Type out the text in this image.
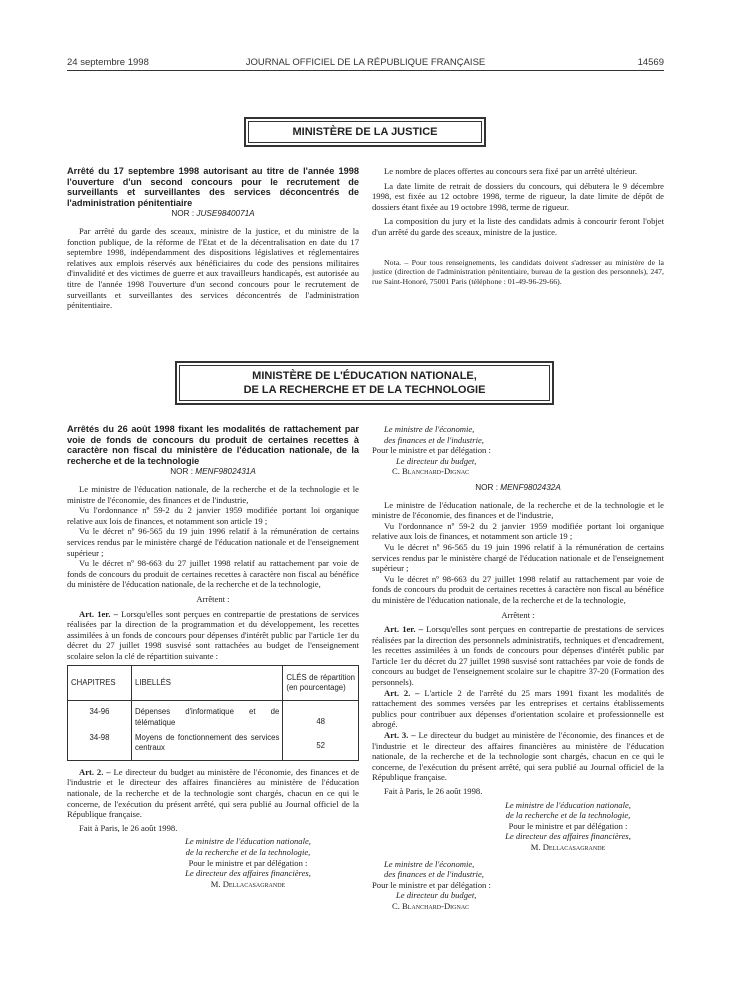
24 septembre 1998	JOURNAL OFFICIEL DE LA RÉPUBLIQUE FRANÇAISE	14569
MINISTÈRE DE LA JUSTICE
Arrêté du 17 septembre 1998 autorisant au titre de l'année 1998 l'ouverture d'un second concours pour le recrutement de surveillants et surveillantes des services déconcentrés de l'administration pénitentiaire
NOR : JUSE9840071A

Par arrêté du garde des sceaux, ministre de la justice, et du ministre de la fonction publique, de la réforme de l'Etat et de la décentralisation en date du 17 septembre 1998, indépendamment des dispositions législatives et réglementaires relatives aux emplois réservés aux bénéficiaires du code des pensions militaires d'invalidité et des victimes de guerre et aux travailleurs handicapés, est autorisée au titre de l'année 1998 l'ouverture d'un second concours pour le recrutement de surveillants et surveillantes des services déconcentrés de l'administration pénitentiaire.

Le nombre de places offertes au concours sera fixé par un arrêté ultérieur.

La date limite de retrait de dossiers du concours, qui débutera le 9 décembre 1998, est fixée au 12 octobre 1998, terme de rigueur, la date limite de dépôt de dossiers étant fixée au 19 octobre 1998, terme de rigueur.

La composition du jury et la liste des candidats admis à concourir feront l'objet d'un arrêté du garde des sceaux, ministre de la justice.

Nota. – Pour tous renseignements, les candidats doivent s'adresser au ministère de la justice (direction de l'administration pénitentiaire, bureau de la gestion des personnels), 247, rue Saint-Honoré, 75001 Paris (téléphone : 01-49-96-29-66).

MINISTÈRE DE L'ÉDUCATION NATIONALE,
DE LA RECHERCHE ET DE LA TECHNOLOGIE
Arrêtés du 26 août 1998 fixant les modalités de rattachement par voie de fonds de concours du produit de certaines recettes à caractère non fiscal du ministère de l'éducation nationale, de la recherche et de la technologie
NOR : MENF9802431A

Le ministre de l'éducation nationale, de la recherche et de la technologie et le ministre de l'économie, des finances et de l'industrie,

Vu l'ordonnance nº 59-2 du 2 janvier 1959 modifiée portant loi organique relative aux lois de finances, et notamment son article 19 ;

Vu le décret nº 96-565 du 19 juin 1996 relatif à la rémunération de certains services rendus par le ministère chargé de l'éducation nationale et de l'enseignement supérieur ;

Vu le décret nº 98-663 du 27 juillet 1998 relatif au rattachement par voie de fonds de concours du produit de certaines recettes à caractère non fiscal au bénéfice du ministère de l'éducation nationale, de la recherche et de la technologie,

Arrêtent :

Art. 1er. – Lorsqu'elles sont perçues en contrepartie de prestations de services réalisées par la direction de la programmation et du développement, les recettes assimilées à un fonds de concours pour dépenses d'intérêt public par l'article 1er du décret du 27 juillet 1998 susvisé sont rattachées au budget de l'enseignement scolaire selon la clé de répartition suivante :

CHAPITRES	LIBELLÉS	CLÉS de répartition (en pourcentage)
34-96	Dépenses d'informatique et de télématique	48
34-98	Moyens de fonctionnement des services centraux	52

Art. 2. – Le directeur du budget au ministère de l'économie, des finances et de l'industrie et le directeur des affaires financières au ministère de l'éducation nationale, de la recherche et de la technologie sont chargés, chacun en ce qui le concerne, de l'exécution du présent arrêté, qui sera publié au Journal officiel de la République française.

Fait à Paris, le 26 août 1998.

Le ministre de l'éducation nationale,

de la recherche et de la technologie,

Pour le ministre et par délégation :

Le directeur des affaires financières,

M. Dellacasagrande

Le ministre de l'économie,

des finances et de l'industrie,

Pour le ministre et par délégation :

Le directeur du budget,

C. Blanchard-Dignac

NOR : MENF9802432A

Le ministre de l'éducation nationale, de la recherche et de la technologie et le ministre de l'économie, des finances et de l'industrie,

Vu l'ordonnance nº 59-2 du 2 janvier 1959 modifiée portant loi organique relative aux lois de finances, et notamment son article 19 ;

Vu le décret nº 96-565 du 19 juin 1996 relatif à la rémunération de certains services rendus par le ministère chargé de l'éducation nationale et de l'enseignement supérieur ;

Vu le décret nº 98-663 du 27 juillet 1998 relatif au rattachement par voie de fonds de concours du produit de certaines recettes à caractère non fiscal au bénéfice du ministère de l'éducation nationale, de la recherche et de la technologie,

Arrêtent :

Art. 1er. – Lorsqu'elles sont perçues en contrepartie de prestations de services réalisées par la direction des personnels administratifs, techniques et d'encadrement, les recettes assimilées à un fonds de concours pour dépenses d'intérêt public par l'article 1er du décret du 27 juillet 1998 susvisé sont rattachées par voie de fonds de concours au budget de l'enseignement scolaire sur le chapitre 37-20 (Formation des personnels).

Art. 2. – L'article 2 de l'arrêté du 25 mars 1991 fixant les modalités de rattachement des sommes versées par les entreprises et certains établissements publics pour contribuer aux dépenses d'orientation scolaire et professionnelle est abrogé.

Art. 3. – Le directeur du budget au ministère de l'économie, des finances et de l'industrie et le directeur des affaires financières au ministère de l'éducation nationale, de la recherche et de la technologie sont chargés, chacun en ce qui le concerne, de l'exécution du présent arrêté, qui sera publié au Journal officiel de la République française.

Fait à Paris, le 26 août 1998.

Le ministre de l'éducation nationale,

de la recherche et de la technologie,

Pour le ministre et par délégation :

Le directeur des affaires financières,

M. Dellacasagrande

Le ministre de l'économie,

des finances et de l'industrie,

Pour le ministre et par délégation :

Le directeur du budget,

C. Blanchard-Dignac
